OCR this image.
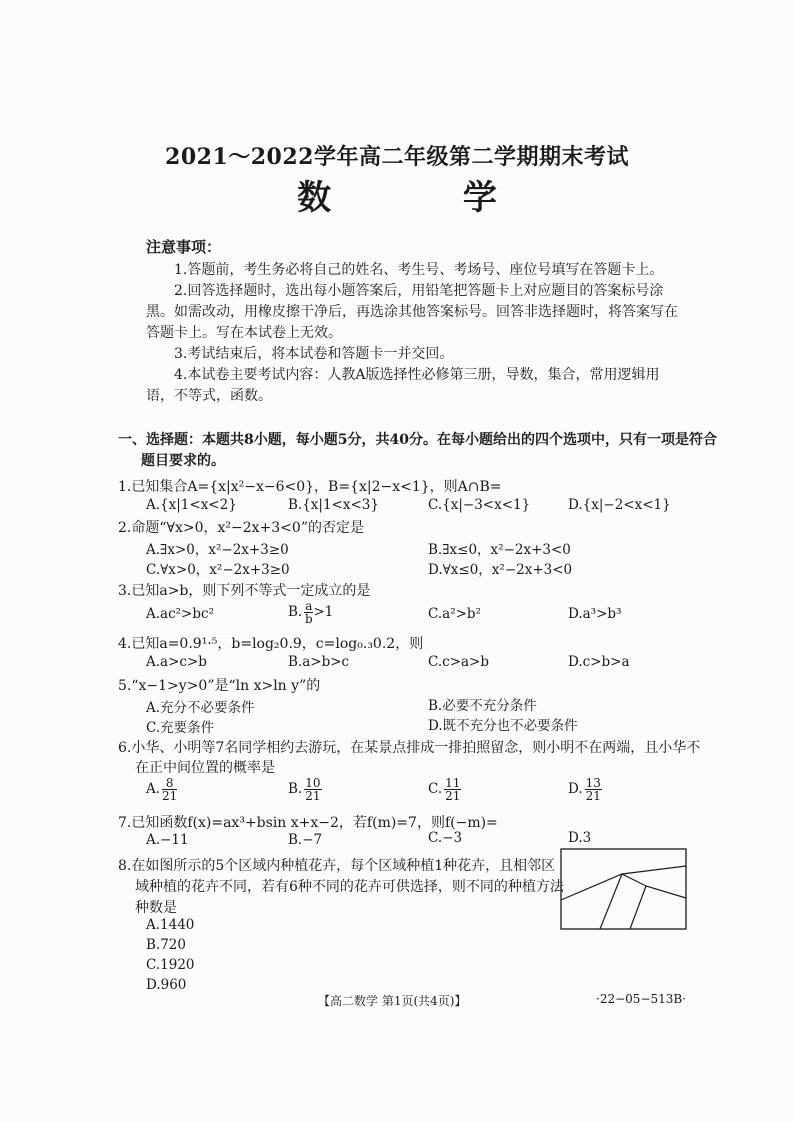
2021～2022学年高二年级第二学期期末考试
数 学
注意事项：
1.答题前，考生务必将自己的姓名、考生号、考场号、座位号填写在答题卡上。
2.回答选择题时，选出每小题答案后，用铅笔把答题卡上对应题目的答案标号涂
黑。如需改动，用橡皮擦干净后，再选涂其他答案标号。回答非选择题时，将答案写在
答题卡上。写在本试卷上无效。
3.考试结束后，将本试卷和答题卡一并交回。
4.本试卷主要考试内容：人教A版选择性必修第三册，导数，集合，常用逻辑用
语，不等式，函数。
一、选择题：本题共8小题，每小题5分，共40分。在每小题给出的四个选项中，只有一项是符合
题目要求的。
1.已知集合A={x|x²−x−6<0}，B={x|2−x<1}，则A∩B=
A.{x|1<x<2}	B.{x|1<x<3}	C.{x|−3<x<1}	D.{x|−2<x<1}
2.命题“∀x>0，x²−2x+3<0”的否定是
A.∃x>0，x²−2x+3≥0	B.∃x≤0，x²−2x+3<0
C.∀x>0，x²−2x+3≥0	D.∀x≤0，x²−2x+3<0
3.已知a>b，则下列不等式一定成立的是
A.ac²>bc²	B. $\frac{a}{b} >1$	C.a²>b²	D.a³>b³
4.已知a=0.9¹·⁵，b=log₂0.9，c=log₀.₃0.2，则
A.a>c>b	B.a>b>c	C.c>a>b	D.c>b>a
5.“x−1>y>0”是“ln x>ln y”的
A.充分不必要条件	B.必要不充分条件
C.充要条件	D.既不充分也不必要条件
6.小华、小明等7名同学相约去游玩，在某景点排成一排拍照留念，则小明不在两端，且小华不
在正中间位置的概率是
A. $\frac{8}{21}$	B. $\frac{10}{21}$	C. $\frac{11}{21}$	D. $\frac{13}{21}$
7.已知函数f(x)=ax³+bsin x+x−2，若f(m)=7，则f(−m)=
A.−11	B.−7	C.−3	D.3
8.在如图所示的5个区域内种植花卉，每个区域种植1种花卉，且相邻区
域种植的花卉不同，若有6种不同的花卉可供选择，则不同的种植方法
种数是
A.1440
B.720
C.1920
D.960
【高二数学 第1页(共4页)】	·22−05−513B·
